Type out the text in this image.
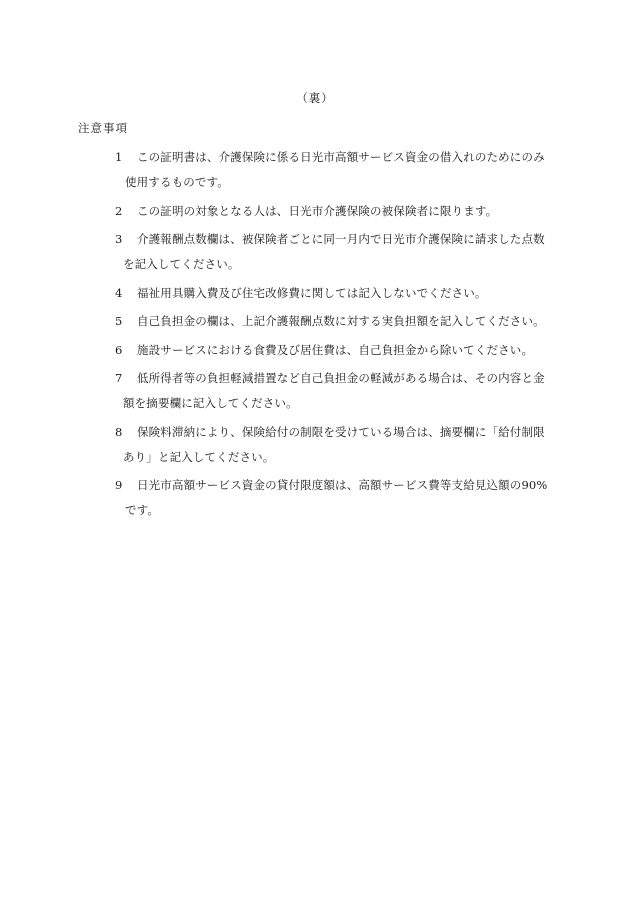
（裏）
注意事項
1 この証明書は、介護保険に係る日光市高額サービス資金の借入れのためにのみ
使用するものです。
2 この証明の対象となる人は、日光市介護保険の被保険者に限ります。
3 介護報酬点数欄は、被保険者ごとに同一月内で日光市介護保険に請求した点数
を記入してください。
4 福祉用具購入費及び住宅改修費に関しては記入しないでください。
5 自己負担金の欄は、上記介護報酬点数に対する実負担額を記入してください。
6 施設サービスにおける食費及び居住費は、自己負担金から除いてください。
7 低所得者等の負担軽減措置など自己負担金の軽減がある場合は、その内容と金
額を摘要欄に記入してください。
8 保険料滞納により、保険給付の制限を受けている場合は、摘要欄に「給付制限
あり」と記入してください。
9 日光市高額サービス資金の貸付限度額は、高額サービス費等支給見込額の90%
です。
